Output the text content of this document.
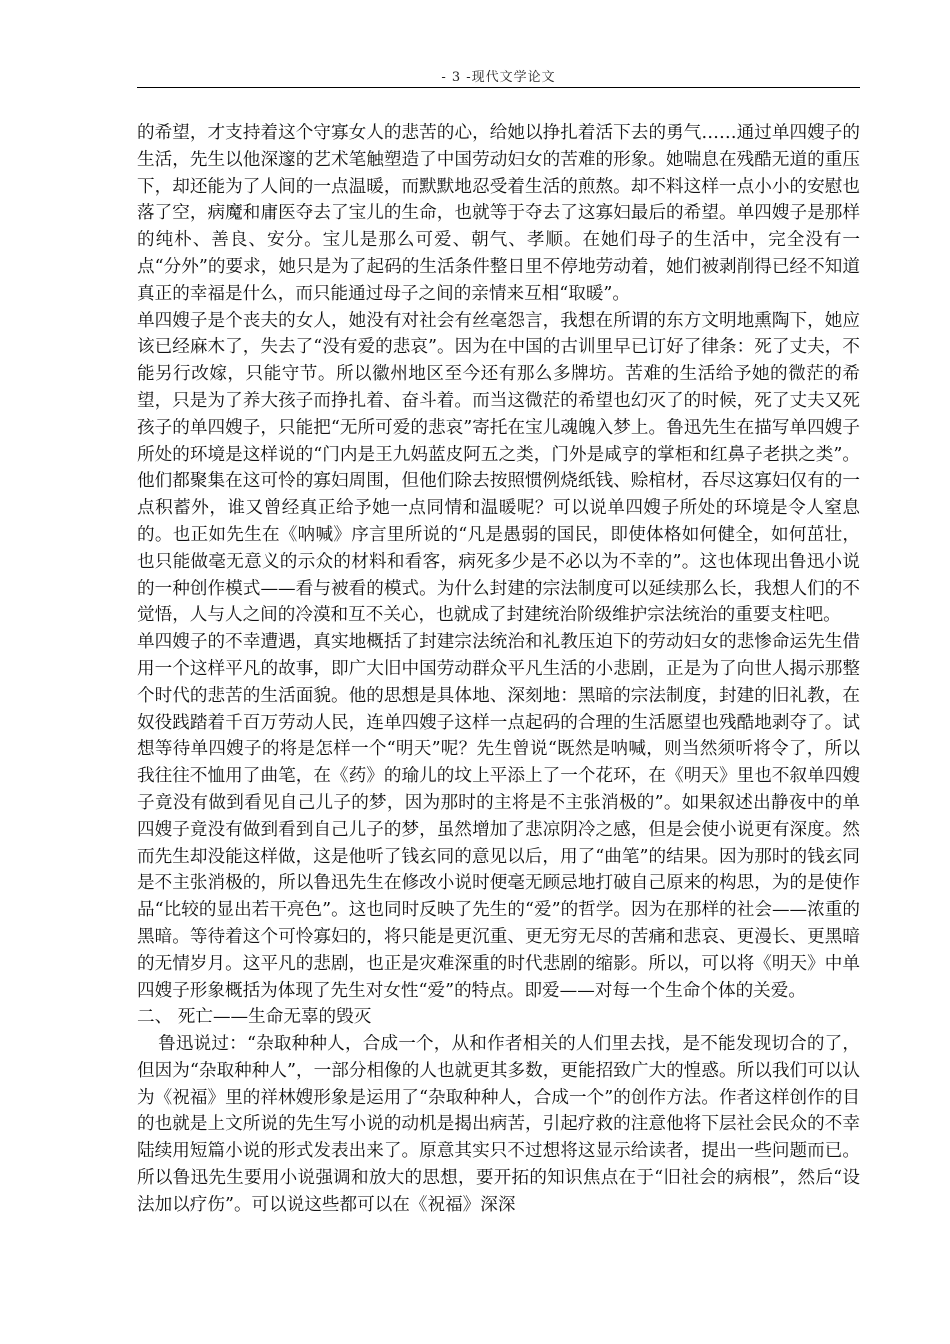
- 3 -现代文学论文

的希望，才支持着这个守寡女人的悲苦的心，给她以挣扎着活下去的勇气……通过单四嫂子的生活，先生以他深邃的艺术笔触塑造了中国劳动妇女的苦难的形象。她喘息在残酷无道的重压下，却还能为了人间的一点温暖，而默默地忍受着生活的煎熬。却不料这样一点小小的安慰也落了空，病魔和庸医夺去了宝儿的生命，也就等于夺去了这寡妇最后的希望。单四嫂子是那样的纯朴、善良、安分。宝儿是那么可爱、朝气、孝顺。在她们母子的生活中，完全没有一点“分外”的要求，她只是为了起码的生活条件整日里不停地劳动着，她们被剥削得已经不知道真正的幸福是什么，而只能通过母子之间的亲情来互相“取暖”。

单四嫂子是个丧夫的女人，她没有对社会有丝毫怨言，我想在所谓的东方文明地熏陶下，她应该已经麻木了，失去了“没有爱的悲哀”。因为在中国的古训里早已订好了律条：死了丈夫，不能另行改嫁，只能守节。所以徽州地区至今还有那么多牌坊。苦难的生活给予她的微茫的希望，只是为了养大孩子而挣扎着、奋斗着。而当这微茫的希望也幻灭了的时候，死了丈夫又死孩子的单四嫂子，只能把“无所可爱的悲哀”寄托在宝儿魂魄入梦上。鲁迅先生在描写单四嫂子所处的环境是这样说的“门内是王九妈蓝皮阿五之类，门外是咸亨的掌柜和红鼻子老拱之类”。他们都聚集在这可怜的寡妇周围，但他们除去按照惯例烧纸钱、赊棺材，吞尽这寡妇仅有的一点积蓄外，谁又曾经真正给予她一点同情和温暖呢？可以说单四嫂子所处的环境是令人窒息的。也正如先生在《呐喊》序言里所说的“凡是愚弱的国民，即使体格如何健全，如何茁壮，也只能做毫无意义的示众的材料和看客，病死多少是不必以为不幸的”。这也体现出鲁迅小说的一种创作模式——看与被看的模式。为什么封建的宗法制度可以延续那么长，我想人们的不觉悟，人与人之间的冷漠和互不关心，也就成了封建统治阶级维护宗法统治的重要支柱吧。

单四嫂子的不幸遭遇，真实地概括了封建宗法统治和礼教压迫下的劳动妇女的悲惨命运先生借用一个这样平凡的故事，即广大旧中国劳动群众平凡生活的小悲剧，正是为了向世人揭示那整个时代的悲苦的生活面貌。他的思想是具体地、深刻地：黑暗的宗法制度，封建的旧礼教，在奴役践踏着千百万劳动人民，连单四嫂子这样一点起码的合理的生活愿望也残酷地剥夺了。试想等待单四嫂子的将是怎样一个“明天”呢？先生曾说“既然是呐喊，则当然须听将令了，所以我往往不恤用了曲笔，在《药》的瑜儿的坟上平添上了一个花环，在《明天》里也不叙单四嫂子竟没有做到看见自己儿子的梦，因为那时的主将是不主张消极的”。如果叙述出静夜中的单四嫂子竟没有做到看到自己儿子的梦，虽然增加了悲凉阴冷之感，但是会使小说更有深度。然而先生却没能这样做，这是他听了钱玄同的意见以后，用了“曲笔”的结果。因为那时的钱玄同是不主张消极的，所以鲁迅先生在修改小说时便毫无顾忌地打破自己原来的构思，为的是使作品“比较的显出若干亮色”。这也同时反映了先生的“爱”的哲学。因为在那样的社会——浓重的黑暗。等待着这个可怜寡妇的，将只能是更沉重、更无穷无尽的苦痛和悲哀、更漫长、更黑暗的无情岁月。这平凡的悲剧，也正是灾难深重的时代悲剧的缩影。所以，可以将《明天》中单四嫂子形象概括为体现了先生对女性“爱”的特点。即爱——对每一个生命个体的关爱。

二、 死亡——生命无辜的毁灭

鲁迅说过：“杂取种种人，合成一个，从和作者相关的人们里去找，是不能发现切合的了，但因为“杂取种种人”，一部分相像的人也就更其多数，更能招致广大的惶惑。所以我们可以认为《祝福》里的祥林嫂形象是运用了“杂取种种人，合成一个”的创作方法。作者这样创作的目的也就是上文所说的先生写小说的动机是揭出病苦，引起疗救的注意他将下层社会民众的不幸陆续用短篇小说的形式发表出来了。原意其实只不过想将这显示给读者，提出一些问题而已。所以鲁迅先生要用小说强调和放大的思想，要开拓的知识焦点在于“旧社会的病根”，然后“设法加以疗伤”。可以说这些都可以在《祝福》深深
